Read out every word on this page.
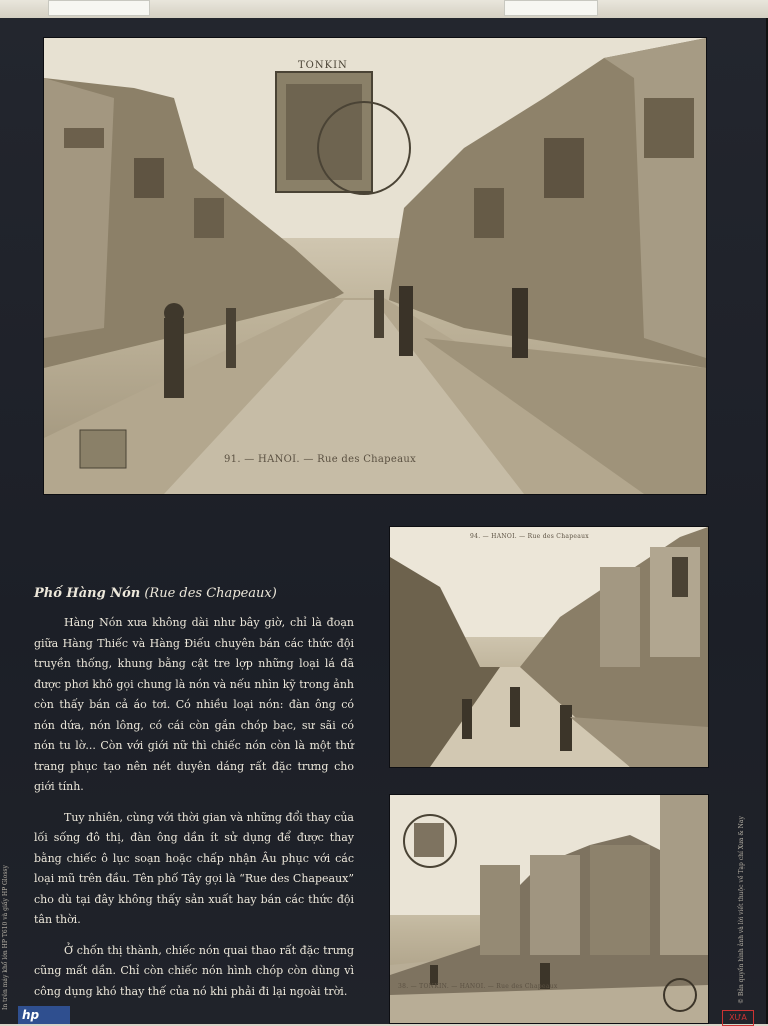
TONKIN
91. — HANOI. — Rue des Chapeaux
94. — HANOI. — Rue des Chapeaux
38. — TONKIN. — HANOI. — Rue des Chapeaux

Phố Hàng Nón (Rue des Chapeaux)

Hàng Nón xưa không dài như bây giờ, chỉ là đoạn giữa Hàng Thiếc và Hàng Điếu chuyên bán các thức đội truyền thống, khung bằng cật tre lợp những loại lá đã được phơi khô gọi chung là nón và nếu nhìn kỹ trong ảnh còn thấy bán cả áo tơi. Có nhiều loại nón: đàn ông có nón dứa, nón lông, có cái còn gắn chóp bạc, sư sãi có nón tu lờ... Còn với giới nữ thì chiếc nón còn là một thứ trang phục tạo nên nét duyên dáng rất đặc trưng cho giới tính.

Tuy nhiên, cùng với thời gian và những đổi thay của lối sống đô thị, đàn ông dần ít sử dụng để được thay bằng chiếc ô lục soạn hoặc chấp nhận Âu phục với các loại mũ trên đầu. Tên phố Tây gọi là “Rue des Chapeaux” cho dù tại đây không thấy sản xuất hay bán các thức đội tân thời.

Ở chốn thị thành, chiếc nón quai thao rất đặc trưng cũng mất dần. Chỉ còn chiếc nón hình chóp còn dùng vì công dụng khó thay thế của nó khi phải đi lại ngoài trời.

In trên máy khổ lớn HP T610 và giấy HP Glossy	© Bản quyền hình ảnh và lời viết thuộc về Tạp chí Xưa & Nay
hp	XƯA
